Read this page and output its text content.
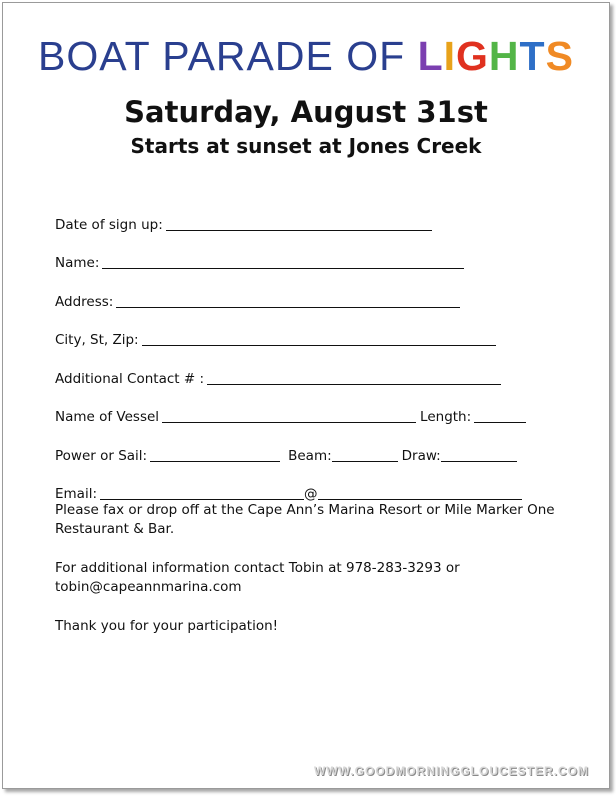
BOAT PARADE OF LIGHTS
Saturday, August 31st
Starts at sunset at Jones Creek
Date of sign up:
Name:
Address:
City, St, Zip:
Additional Contact # :
Name of Vessel	Length:
Power or Sail:	Beam:	Draw:
Email:	@
Please fax or drop off at the Cape Ann’s Marina Resort or Mile Marker One Restaurant & Bar.
For additional information contact Tobin at 978-283-3293 or tobin@capeannmarina.com
Thank you for your participation!
WWW.GOODMORNINGGLOUCESTER.COM
